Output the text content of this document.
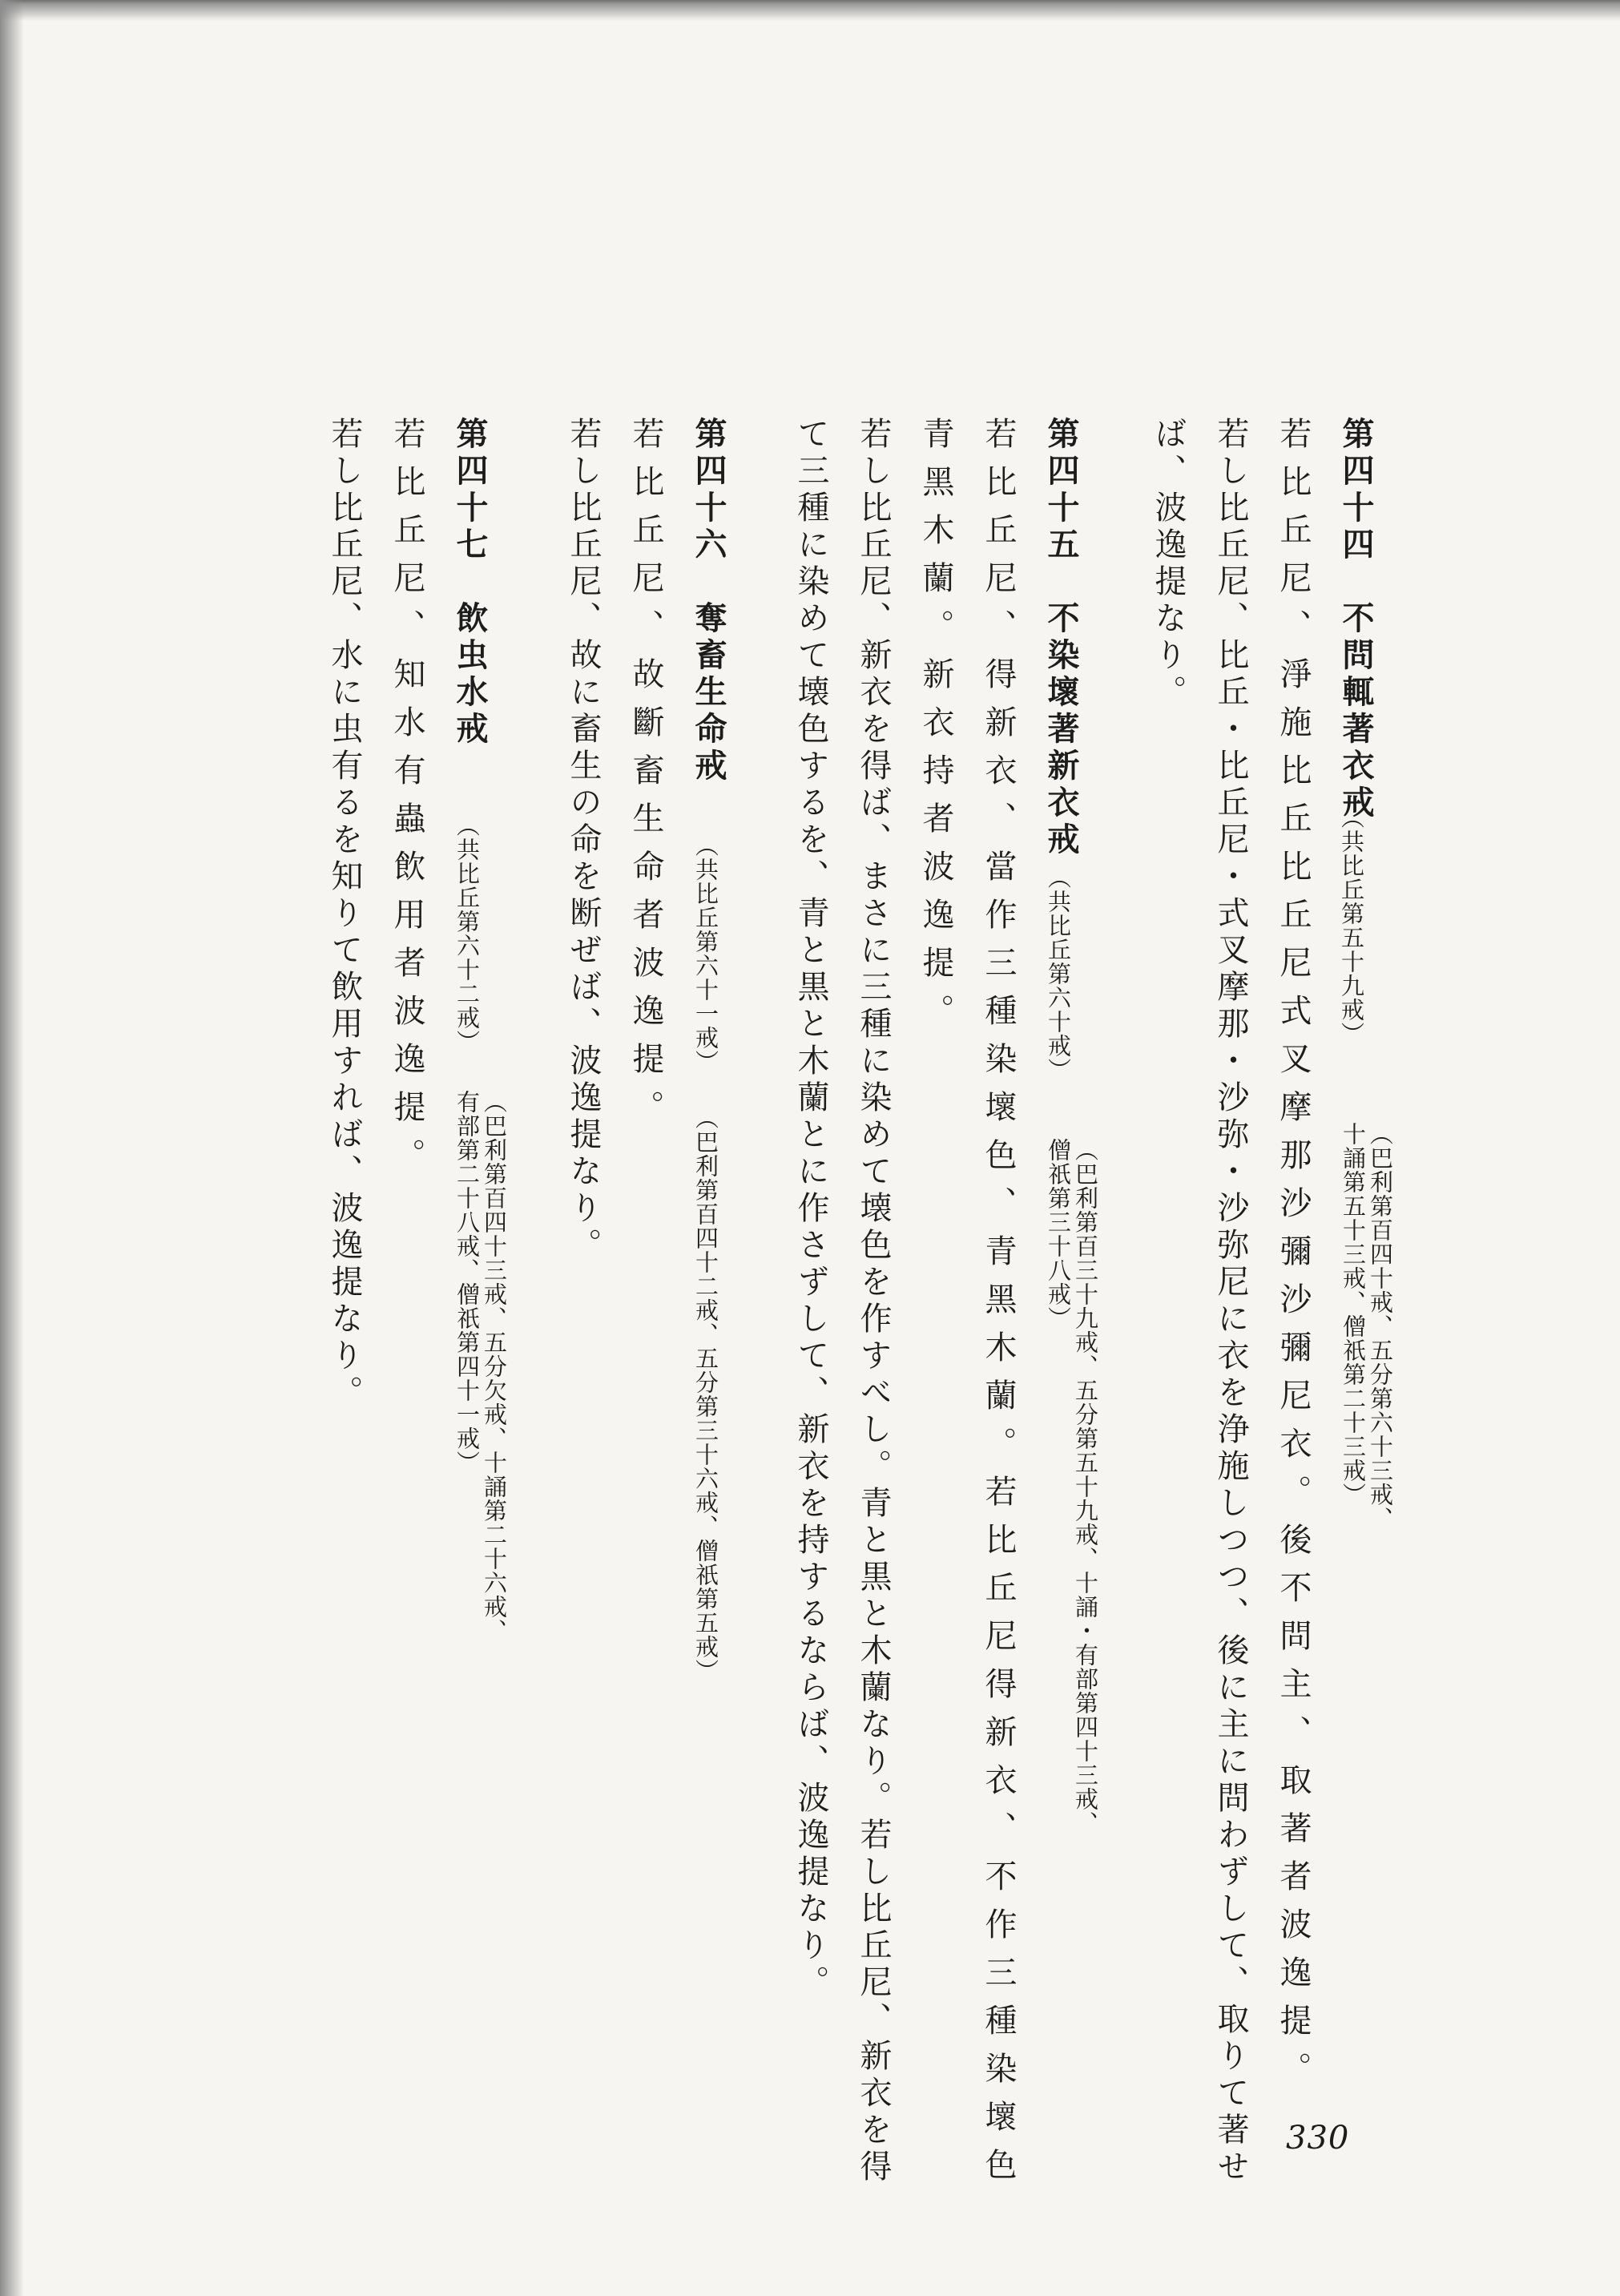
第四十四　不問輒著衣戒
（共比丘第五十九戒）
（巴利第百四十戒、五分第六十三戒、
十誦第五十三戒、僧祇第二十三戒）
若比丘尼、淨施比丘比丘尼式叉摩那沙彌沙彌尼衣。後不問主、取著者波逸提。
若し比丘尼、比丘・比丘尼・式叉摩那・沙弥・沙弥尼に衣を浄施しつつ、後に主に問わずして、取りて著せ
ば、波逸提なり。
第四十五　不染壞著新衣戒
（共比丘第六十戒）
（巴利第百三十九戒、五分第五十九戒、十誦・有部第四十三戒、
僧祇第三十八戒）
若比丘尼、得新衣、當作三種染壞色、青黑木蘭。若比丘尼得新衣、不作三種染壞色
青黑木蘭。新衣持者波逸提。
若し比丘尼、新衣を得ば、まさに三種に染めて壊色を作すべし。青と黒と木蘭なり。若し比丘尼、新衣を得
て三種に染めて壊色するを、青と黒と木蘭とに作さずして、新衣を持するならば、波逸提なり。
第四十六　奪畜生命戒
（共比丘第六十一戒）
（巴利第百四十二戒、五分第三十六戒、僧祇第五戒）
若比丘尼、故斷畜生命者波逸提。
若し比丘尼、故に畜生の命を断ぜば、波逸提なり。
第四十七　飲虫水戒
（共比丘第六十二戒）
（巴利第百四十三戒、五分欠戒、十誦第二十六戒、
有部第二十八戒、僧祇第四十一戒）
若比丘尼、知水有蟲飲用者波逸提。
若し比丘尼、水に虫有るを知りて飲用すれば、波逸提なり。
330
